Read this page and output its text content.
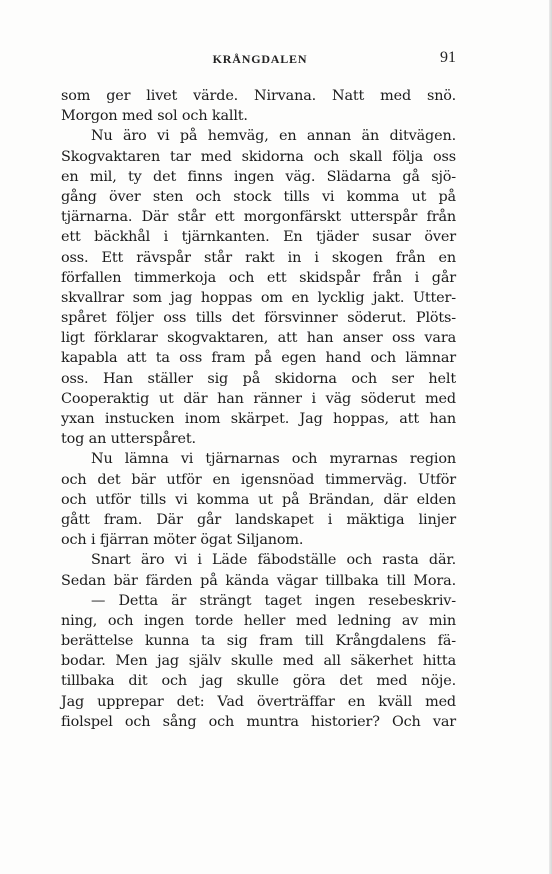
KRÅNGDALEN	91
som ger livet värde. Nirvana. Natt med snö.
Morgon med sol och kallt.
Nu äro vi på hemväg, en annan än ditvägen.
Skogvaktaren tar med skidorna och skall följa oss
en mil, ty det finns ingen väg. Slädarna gå sjö-
gång över sten och stock tills vi komma ut på
tjärnarna. Där står ett morgonfärskt utterspår från
ett bäckhål i tjärnkanten. En tjäder susar över
oss. Ett rävspår står rakt in i skogen från en
förfallen timmerkoja och ett skidspår från i går
skvallrar som jag hoppas om en lycklig jakt. Utter-
spåret följer oss tills det försvinner söderut. Plöts-
ligt förklarar skogvaktaren, att han anser oss vara
kapabla att ta oss fram på egen hand och lämnar
oss. Han ställer sig på skidorna och ser helt
Cooperaktig ut där han ränner i väg söderut med
yxan instucken inom skärpet. Jag hoppas, att han
tog an utterspåret.
Nu lämna vi tjärnarnas och myrarnas region
och det bär utför en igensnöad timmerväg. Utför
och utför tills vi komma ut på Brändan, där elden
gått fram. Där går landskapet i mäktiga linjer
och i fjärran möter ögat Siljanom.
Snart äro vi i Läde fäbodställe och rasta där.
Sedan bär färden på kända vägar tillbaka till Mora.
— Detta är strängt taget ingen resebeskriv-
ning, och ingen torde heller med ledning av min
berättelse kunna ta sig fram till Krångdalens fä-
bodar. Men jag själv skulle med all säkerhet hitta
tillbaka dit och jag skulle göra det med nöje.
Jag upprepar det: Vad överträffar en kväll med
fiolspel och sång och muntra historier? Och var
